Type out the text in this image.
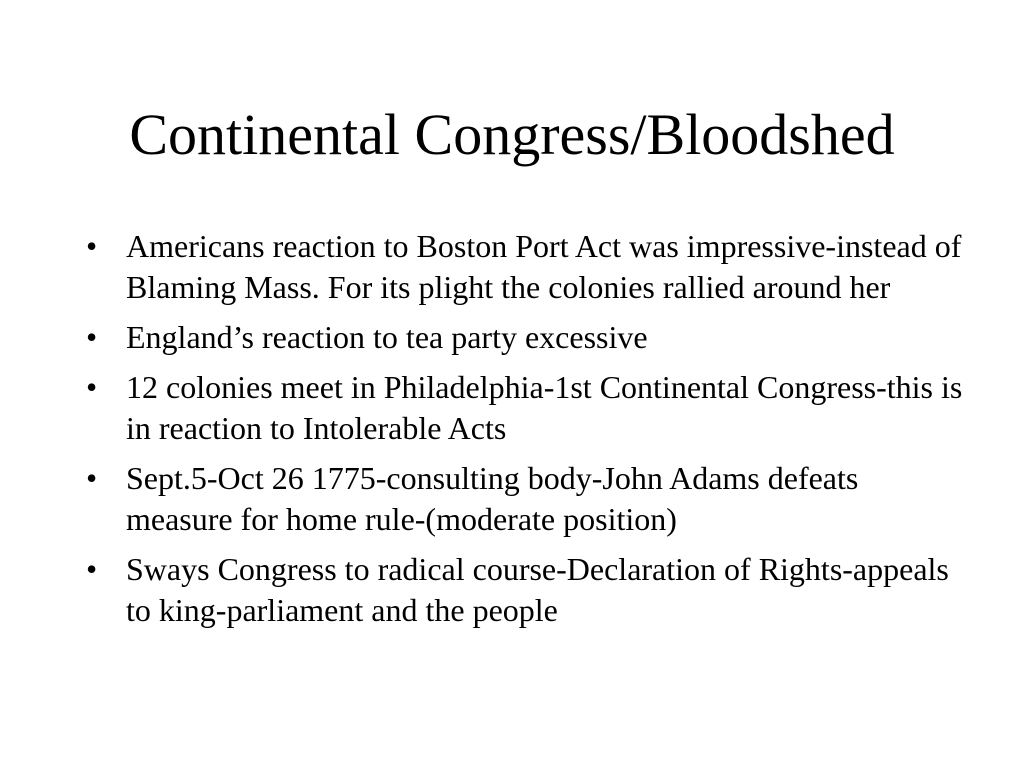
Continental Congress/Bloodshed
• Americans reaction to Boston Port Act was impressive-instead of Blaming Mass. For its plight the colonies rallied around her
• England’s reaction to tea party excessive
• 12 colonies meet in Philadelphia-1st Continental Congress-this is in reaction to Intolerable Acts
• Sept.5-Oct 26 1775-consulting body-John Adams defeats measure for home rule-(moderate position)
• Sways Congress to radical course-Declaration of Rights-appeals to king-parliament and the people
